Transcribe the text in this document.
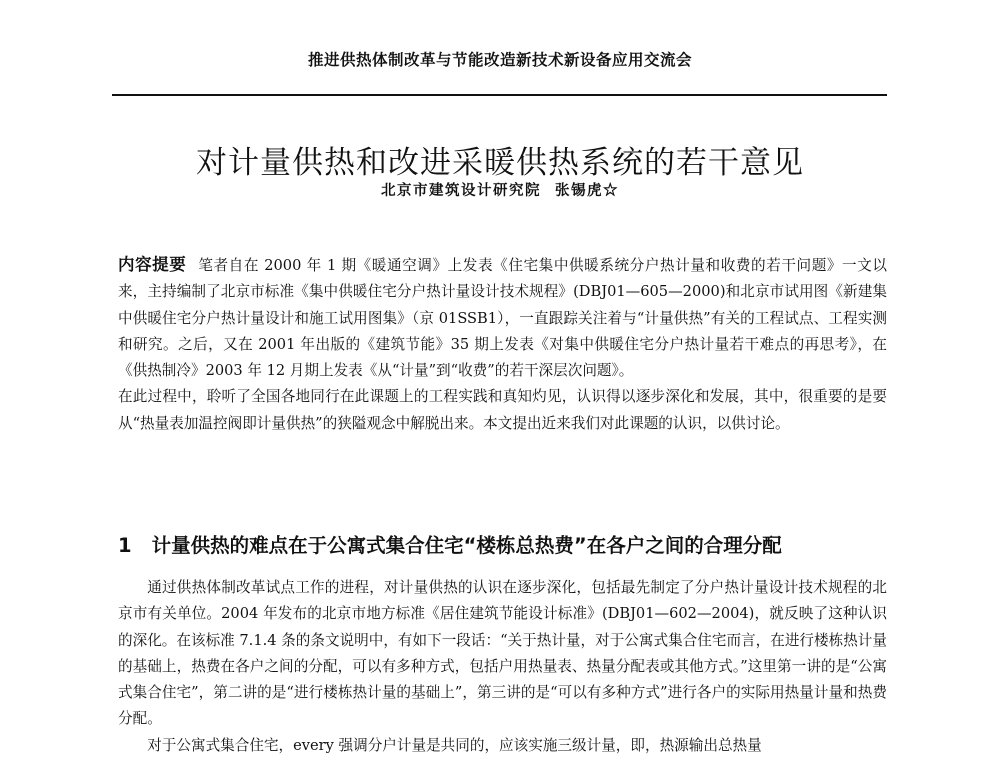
推进供热体制改革与节能改造新技术新设备应用交流会
对计量供热和改进采暖供热系统的若干意见
北京市建筑设计研究院 张锡虎☆

内容提要 笔者自在 2000 年 1 期《暖通空调》上发表《住宅集中供暖系统分户热计量和收费的若干问题》一文以来，主持编制了北京市标准《集中供暖住宅分户热计量设计技术规程》(DBJ01—605—2000)和北京市试用图《新建集中供暖住宅分户热计量设计和施工试用图集》（京 01SSB1），一直跟踪关注着与“计量供热”有关的工程试点、工程实测和研究。之后，又在 2001 年出版的《建筑节能》35 期上发表《对集中供暖住宅分户热计量若干难点的再思考》，在《供热制冷》2003 年 12 月期上发表《从“计量”到“收费”的若干深层次问题》。

在此过程中，聆听了全国各地同行在此课题上的工程实践和真知灼见，认识得以逐步深化和发展，其中，很重要的是要从“热量表加温控阀即计量供热”的狭隘观念中解脱出来。本文提出近来我们对此课题的认识，以供讨论。

1 计量供热的难点在于公寓式集合住宅“楼栋总热费”在各户之间的合理分配

通过供热体制改革试点工作的进程，对计量供热的认识在逐步深化，包括最先制定了分户热计量设计技术规程的北京市有关单位。2004 年发布的北京市地方标准《居住建筑节能设计标准》(DBJ01—602—2004)，就反映了这种认识的深化。在该标准 7.1.4 条的条文说明中，有如下一段话：“关于热计量，对于公寓式集合住宅而言，在进行楼栋热计量的基础上，热费在各户之间的分配，可以有多种方式，包括户用热量表、热量分配表或其他方式。”这里第一讲的是“公寓式集合住宅”，第二讲的是“进行楼栋热计量的基础上”，第三讲的是“可以有多种方式”进行各户的实际用热量计量和热费分配。

对于公寓式集合住宅，every 强调分户计量是共同的，应该实施三级计量，即，热源输出总热量
